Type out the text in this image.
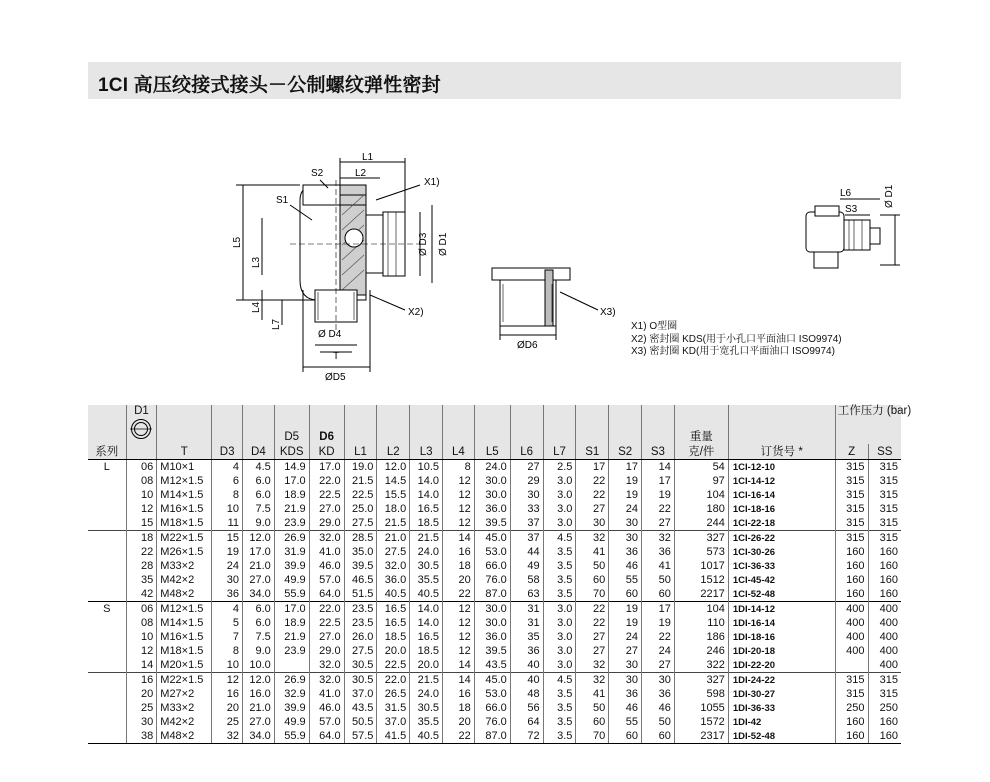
1CI 高压绞接式接头－公制螺纹弹性密封
L1
L2
S2
S1
X1)
X2)	X3)
L5
L3
L4
L7
Ø D3 Ø D1
Ø D4
T
ØD5
ØD6
L6
S3
Ø D1
X1) O型圈
X2) 密封圈 KDS(用于小孔口平面油口 ISO9974)
X3) 密封圈 KD(用于宽孔口平面油口 ISO9974)

	D1				D5	D6											重量		工作压力 (bar)	
系列		T	D3	D4	KDS	KD	L1	L2	L3	L4	L5	L6	L7	S1	S2	S3	克/件	订货号 *	Z	SS
L	06	M10×1	4	4.5	14.9	17.0	19.0	12.0	10.5	8	24.0	27	2.5	17	17	14	54	1CI-12-10	315	315
	08	M12×1.5	6	6.0	17.0	22.0	21.5	14.5	14.0	12	30.0	29	3.0	22	19	17	97	1CI-14-12	315	315
	10	M14×1.5	8	6.0	18.9	22.5	22.5	15.5	14.0	12	30.0	30	3.0	22	19	19	104	1CI-16-14	315	315
	12	M16×1.5	10	7.5	21.9	27.0	25.0	18.0	16.5	12	36.0	33	3.0	27	24	22	180	1CI-18-16	315	315
	15	M18×1.5	11	9.0	23.9	29.0	27.5	21.5	18.5	12	39.5	37	3.0	30	30	27	244	1CI-22-18	315	315
	18	M22×1.5	15	12.0	26.9	32.0	28.5	21.0	21.5	14	45.0	37	4.5	32	30	32	327	1CI-26-22	315	315
	22	M26×1.5	19	17.0	31.9	41.0	35.0	27.5	24.0	16	53.0	44	3.5	41	36	36	573	1CI-30-26	160	160
	28	M33×2	24	21.0	39.9	46.0	39.5	32.0	30.5	18	66.0	49	3.5	50	46	41	1017	1CI-36-33	160	160
	35	M42×2	30	27.0	49.9	57.0	46.5	36.0	35.5	20	76.0	58	3.5	60	55	50	1512	1CI-45-42	160	160
	42	M48×2	36	34.0	55.9	64.0	51.5	40.5	40.5	22	87.0	63	3.5	70	60	60	2217	1CI-52-48	160	160
S	06	M12×1.5	4	6.0	17.0	22.0	23.5	16.5	14.0	12	30.0	31	3.0	22	19	17	104	1DI-14-12	400	400
	08	M14×1.5	5	6.0	18.9	22.5	23.5	16.5	14.0	12	30.0	31	3.0	22	19	19	110	1DI-16-14	400	400
	10	M16×1.5	7	7.5	21.9	27.0	26.0	18.5	16.5	12	36.0	35	3.0	27	24	22	186	1DI-18-16	400	400
	12	M18×1.5	8	9.0	23.9	29.0	27.5	20.0	18.5	12	39.5	36	3.0	27	27	24	246	1DI-20-18	400	400
	14	M20×1.5	10	10.0		32.0	30.5	22.5	20.0	14	43.5	40	3.0	32	30	27	322	1DI-22-20		400
	16	M22×1.5	12	12.0	26.9	32.0	30.5	22.0	21.5	14	45.0	40	4.5	32	30	30	327	1DI-24-22	315	315
	20	M27×2	16	16.0	32.9	41.0	37.0	26.5	24.0	16	53.0	48	3.5	41	36	36	598	1DI-30-27	315	315
	25	M33×2	20	21.0	39.9	46.0	43.5	31.5	30.5	18	66.0	56	3.5	50	46	46	1055	1DI-36-33	250	250
	30	M42×2	25	27.0	49.9	57.0	50.5	37.0	35.5	20	76.0	64	3.5	60	55	50	1572	1DI-42	160	160
	38	M48×2	32	34.0	55.9	64.0	57.5	41.5	40.5	22	87.0	72	3.5	70	60	60	2317	1DI-52-48	160	160
